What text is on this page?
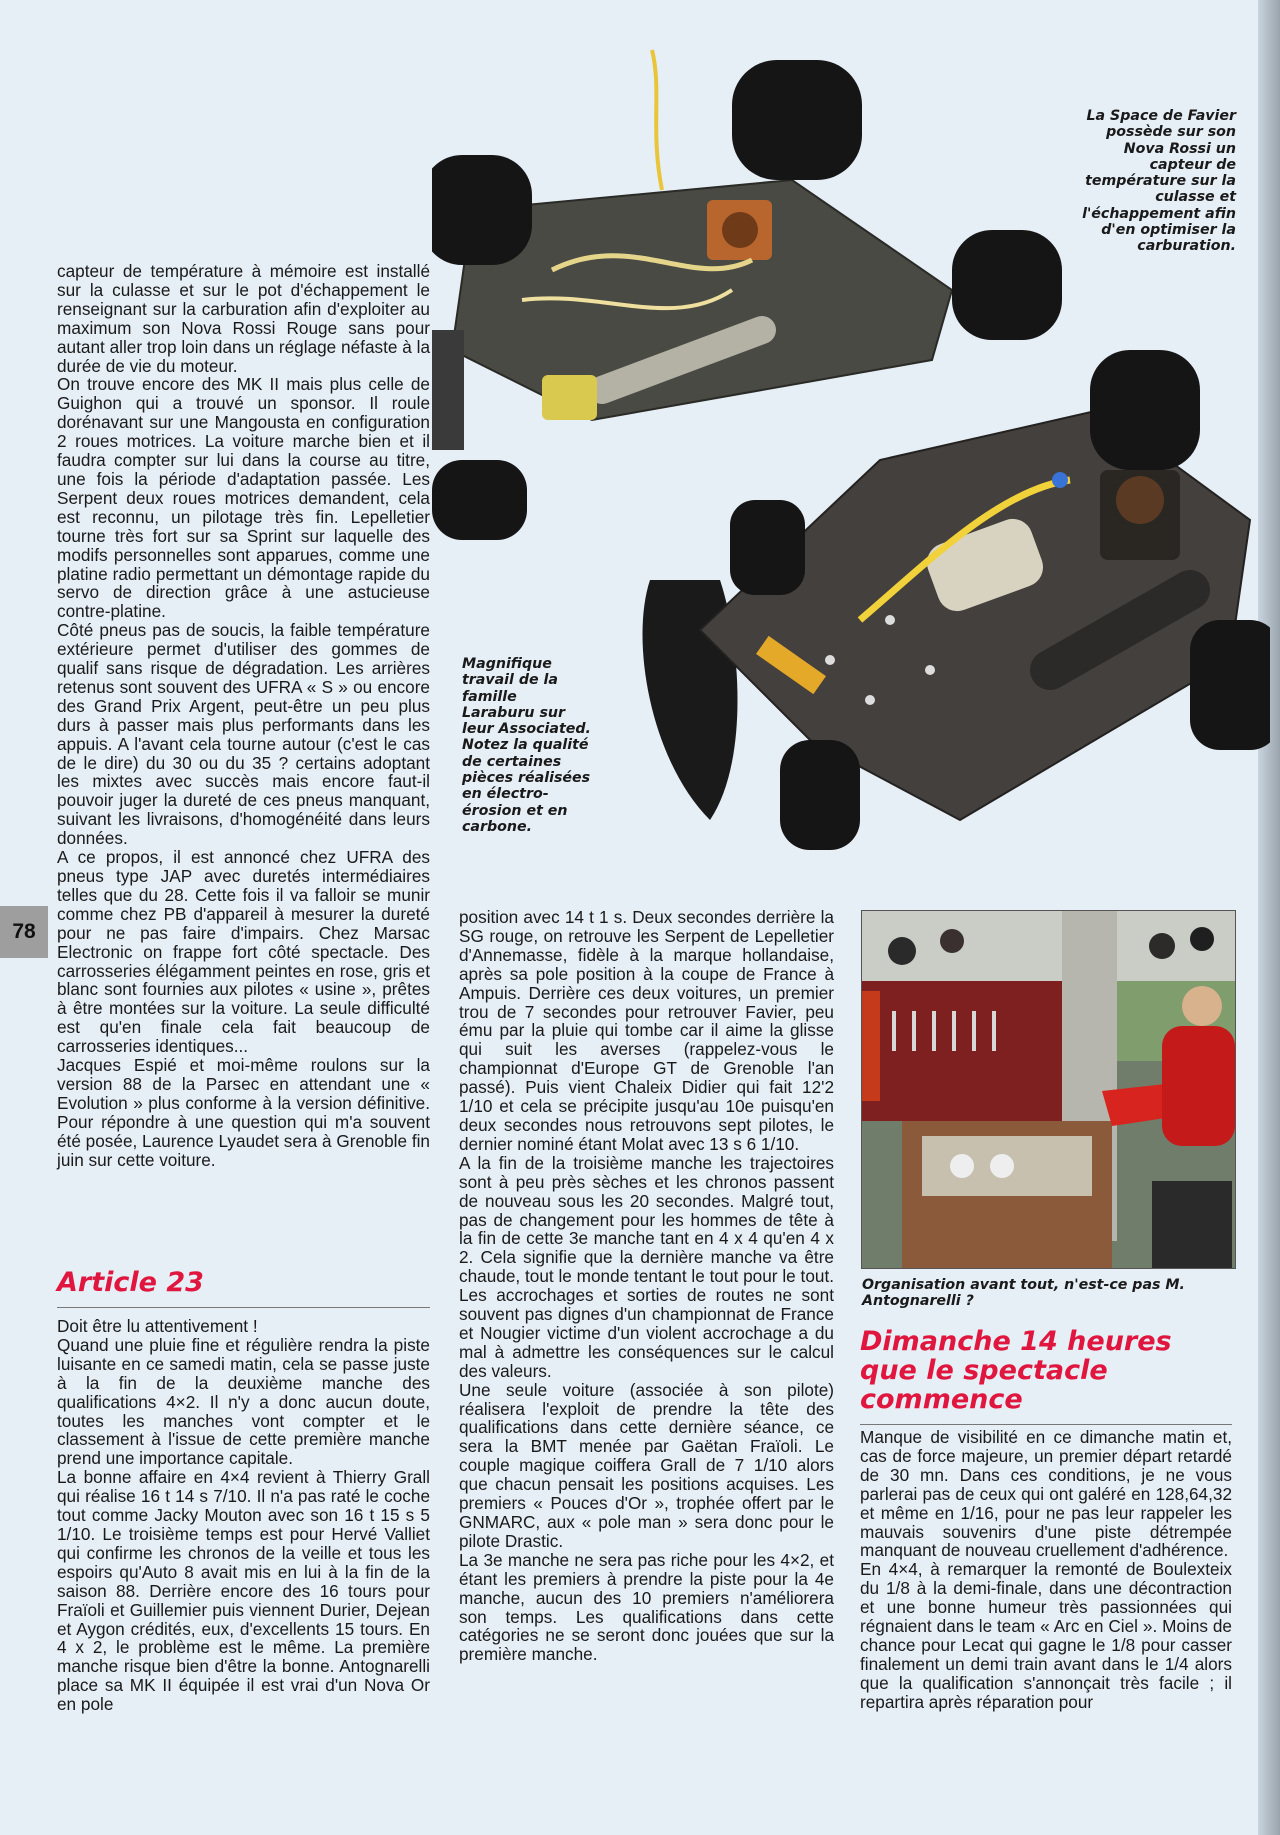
78
La Space de Favier possède sur son Nova Rossi un capteur de température sur la culasse et l'échappement afin d'en optimiser la carburation.
Magnifique travail de la famille Laraburu sur leur Associated. Notez la qualité de certaines pièces réalisées en électro-érosion et en carbone.
Organisation avant tout, n'est-ce pas M. Antognarelli ?

capteur de température à mémoire est installé sur la culasse et sur le pot d'échappement le renseignant sur la carburation afin d'exploiter au maximum son Nova Rossi Rouge sans pour autant aller trop loin dans un réglage néfaste à la durée de vie du moteur.

On trouve encore des MK II mais plus celle de Guighon qui a trouvé un sponsor. Il roule dorénavant sur une Mangousta en configuration 2 roues motrices. La voiture marche bien et il faudra compter sur lui dans la course au titre, une fois la période d'adaptation passée. Les Serpent deux roues motrices demandent, cela est reconnu, un pilotage très fin. Lepelletier tourne très fort sur sa Sprint sur laquelle des modifs personnelles sont apparues, comme une platine radio permettant un démontage rapide du servo de direction grâce à une astucieuse contre-platine.

Côté pneus pas de soucis, la faible température extérieure permet d'utiliser des gommes de qualif sans risque de dégradation. Les arrières retenus sont souvent des UFRA « S » ou encore des Grand Prix Argent, peut-être un peu plus durs à passer mais plus performants dans les appuis. A l'avant cela tourne autour (c'est le cas de le dire) du 30 ou du 35 ? certains adoptant les mixtes avec succès mais encore faut-il pouvoir juger la dureté de ces pneus manquant, suivant les livraisons, d'homogénéité dans leurs données.

A ce propos, il est annoncé chez UFRA des pneus type JAP avec duretés intermédiaires telles que du 28. Cette fois il va falloir se munir comme chez PB d'appareil à mesurer la dureté pour ne pas faire d'impairs. Chez Marsac Electronic on frappe fort côté spectacle. Des carrosseries élégamment peintes en rose, gris et blanc sont fournies aux pilotes « usine », prêtes à être montées sur la voiture. La seule difficulté est qu'en finale cela fait beaucoup de carrosseries identiques...

Jacques Espié et moi-même roulons sur la version 88 de la Parsec en attendant une « Evolution » plus conforme à la version définitive. Pour répondre à une question qui m'a souvent été posée, Laurence Lyaudet sera à Grenoble fin juin sur cette voiture.

Article 23

Doit être lu attentivement !

Quand une pluie fine et régulière rendra la piste luisante en ce samedi matin, cela se passe juste à la fin de la deuxième manche des qualifications 4×2. Il n'y a donc aucun doute, toutes les manches vont compter et le classement à l'issue de cette première manche prend une importance capitale.

La bonne affaire en 4×4 revient à Thierry Grall qui réalise 16 t 14 s 7/10. Il n'a pas raté le coche tout comme Jacky Mouton avec son 16 t 15 s 5 1/10. Le troisième temps est pour Hervé Valliet qui confirme les chronos de la veille et tous les espoirs qu'Auto 8 avait mis en lui à la fin de la saison 88. Derrière encore des 16 tours pour Fraïoli et Guillemier puis viennent Durier, Dejean et Aygon crédités, eux, d'excellents 15 tours. En 4 x 2, le problème est le même. La première manche risque bien d'être la bonne. Antognarelli place sa MK II équipée il est vrai d'un Nova Or en pole

position avec 14 t 1 s. Deux secondes derrière la SG rouge, on retrouve les Serpent de Lepelletier d'Annemasse, fidèle à la marque hollandaise, après sa pole position à la coupe de France à Ampuis. Derrière ces deux voitures, un premier trou de 7 secondes pour retrouver Favier, peu ému par la pluie qui tombe car il aime la glisse qui suit les averses (rappelez-vous le championnat d'Europe GT de Grenoble l'an passé). Puis vient Chaleix Didier qui fait 12'2 1/10 et cela se précipite jusqu'au 10e puisqu'en deux secondes nous retrouvons sept pilotes, le dernier nominé étant Molat avec 13 s 6 1/10.

A la fin de la troisième manche les trajectoires sont à peu près sèches et les chronos passent de nouveau sous les 20 secondes. Malgré tout, pas de changement pour les hommes de tête à la fin de cette 3e manche tant en 4 x 4 qu'en 4 x 2. Cela signifie que la dernière manche va être chaude, tout le monde tentant le tout pour le tout. Les accrochages et sorties de routes ne sont souvent pas dignes d'un championnat de France et Nougier victime d'un violent accrochage a du mal à admettre les conséquences sur le calcul des valeurs.

Une seule voiture (associée à son pilote) réalisera l'exploit de prendre la tête des qualifications dans cette dernière séance, ce sera la BMT menée par Gaëtan Fraïoli. Le couple magique coiffera Grall de 7 1/10 alors que chacun pensait les positions acquises. Les premiers « Pouces d'Or », trophée offert par le GNMARC, aux « pole man » sera donc pour le pilote Drastic.

La 3e manche ne sera pas riche pour les 4×2, et étant les premiers à prendre la piste pour la 4e manche, aucun des 10 premiers n'améliorera son temps. Les qualifications dans cette catégories ne se seront donc jouées que sur la première manche.

Dimanche 14 heures que le spectacle commence

Manque de visibilité en ce dimanche matin et, cas de force majeure, un premier départ retardé de 30 mn. Dans ces conditions, je ne vous parlerai pas de ceux qui ont galéré en 128,64,32 et même en 1/16, pour ne pas leur rappeler les mauvais souvenirs d'une piste détrempée manquant de nouveau cruellement d'adhérence.

En 4×4, à remarquer la remonté de Boulexteix du 1/8 à la demi-finale, dans une décontraction et une bonne humeur très passionnées qui régnaient dans le team « Arc en Ciel ». Moins de chance pour Lecat qui gagne le 1/8 pour casser finalement un demi train avant dans le 1/4 alors que la qualification s'annonçait très facile ; il repartira après réparation pour
